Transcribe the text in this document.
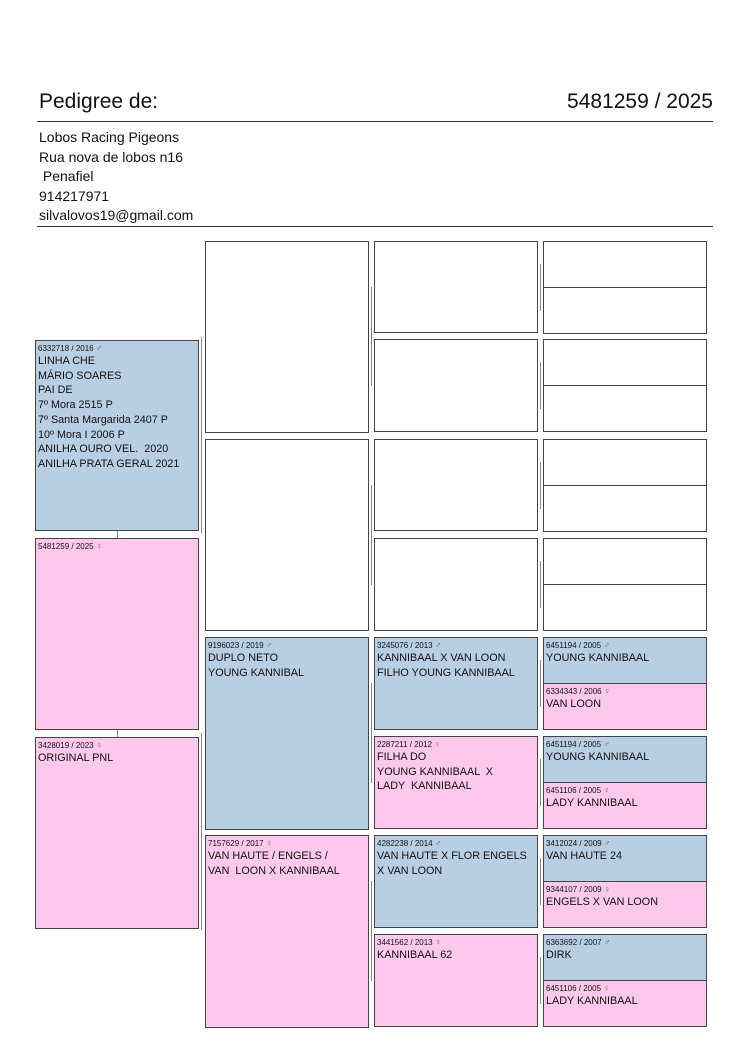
Pedigree de:	5481259 / 2025
Lobos Racing Pigeons
Rua nova de lobos n16
Penafiel
914217971
silvalovos19@gmail.com
6332718 / 2016 ♂
LINHA CHE
MÁRIO SOARES
PAI DE
7º Mora 2515 P
7º Santa Margarida 2407 P
10º Mora I 2006 P
ANILHA OURO VEL.  2020
ANILHA PRATA GERAL 2021
5481259 / 2025 ♀
3428019 / 2023 ♀
ORIGINAL PNL
9196023 / 2019 ♂
DUPLO NETO
YOUNG KANNIBAL
7157629 / 2017 ♀
VAN HAUTE / ENGELS /
VAN  LOON X KANNIBAAL
3245076 / 2013 ♂
KANNIBAAL X VAN LOON
FILHO YOUNG KANNIBAAL
2287211 / 2012 ♀
FILHA DO
YOUNG KANNIBAAL  X
LADY  KANNIBAAL
4282238 / 2014 ♂
VAN HAUTE X FLOR ENGELS
X VAN LOON
3441562 / 2013 ♀
KANNIBAAL 62
6451194 / 2005 ♂
YOUNG KANNIBAAL
6334343 / 2006 ♀
VAN LOON
6451194 / 2005 ♂
YOUNG KANNIBAAL
6451106 / 2005 ♀
LADY KANNIBAAL
3412024 / 2009 ♂
VAN HAUTE 24
9344107 / 2009 ♀
ENGELS X VAN LOON
6363692 / 2007 ♂
DIRK
6451106 / 2005 ♀
LADY KANNIBAAL
